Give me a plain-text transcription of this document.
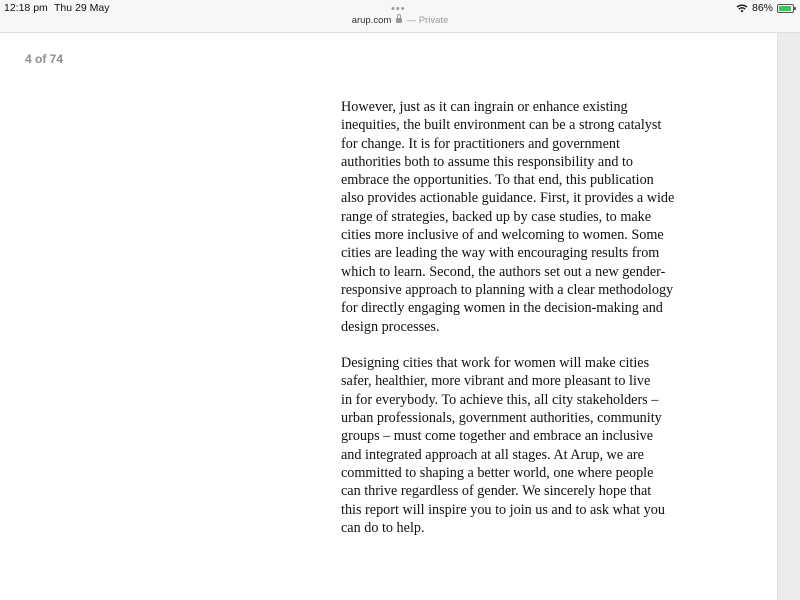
12:18 pm Thu 29 May	•••
arup.com — Private
86%
4 of 74

However, just as it can ingrain or enhance existing
inequities, the built environment can be a strong catalyst
for change. It is for practitioners and government
authorities both to assume this responsibility and to
embrace the opportunities. To that end, this publication
also provides actionable guidance. First, it provides a wide
range of strategies, backed up by case studies, to make
cities more inclusive of and welcoming to women. Some
cities are leading the way with encouraging results from
which to learn. Second, the authors set out a new gender-
responsive approach to planning with a clear methodology
for directly engaging women in the decision-making and
design processes.

Designing cities that work for women will make cities
safer, healthier, more vibrant and more pleasant to live
in for everybody. To achieve this, all city stakeholders –
urban professionals, government authorities, community
groups – must come together and embrace an inclusive
and integrated approach at all stages. At Arup, we are
committed to shaping a better world, one where people
can thrive regardless of gender. We sincerely hope that
this report will inspire you to join us and to ask what you
can do to help.
